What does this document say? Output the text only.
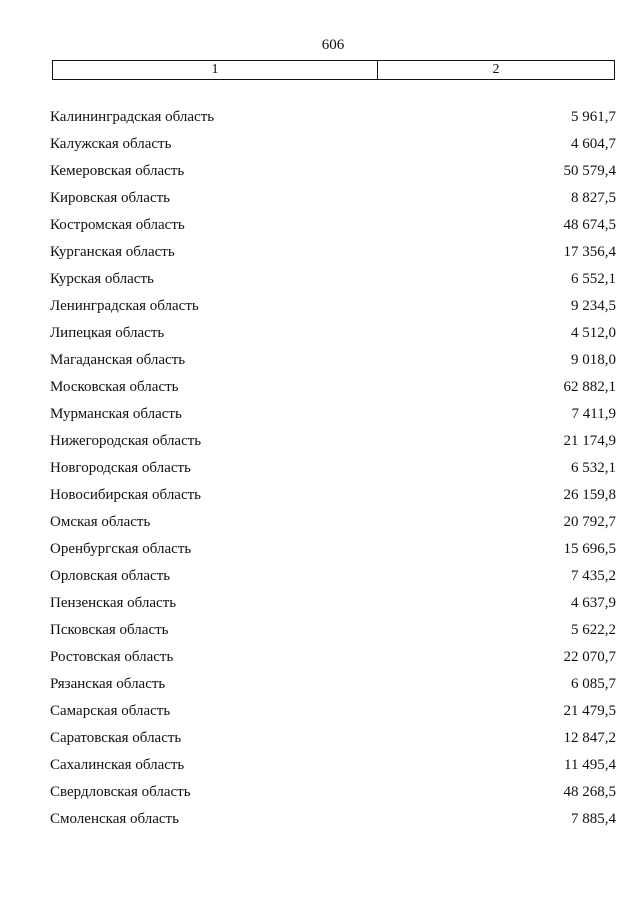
606
1	2
Калининградская область	5 961,7
Калужская область	4 604,7
Кемеровская область	50 579,4
Кировская область	8 827,5
Костромская область	48 674,5
Курганская область	17 356,4
Курская область	6 552,1
Ленинградская область	9 234,5
Липецкая область	4 512,0
Магаданская область	9 018,0
Московская область	62 882,1
Мурманская область	7 411,9
Нижегородская область	21 174,9
Новгородская область	6 532,1
Новосибирская область	26 159,8
Омская область	20 792,7
Оренбургская область	15 696,5
Орловская область	7 435,2
Пензенская область	4 637,9
Псковская область	5 622,2
Ростовская область	22 070,7
Рязанская область	6 085,7
Самарская область	21 479,5
Саратовская область	12 847,2
Сахалинская область	11 495,4
Свердловская область	48 268,5
Смоленская область	7 885,4
